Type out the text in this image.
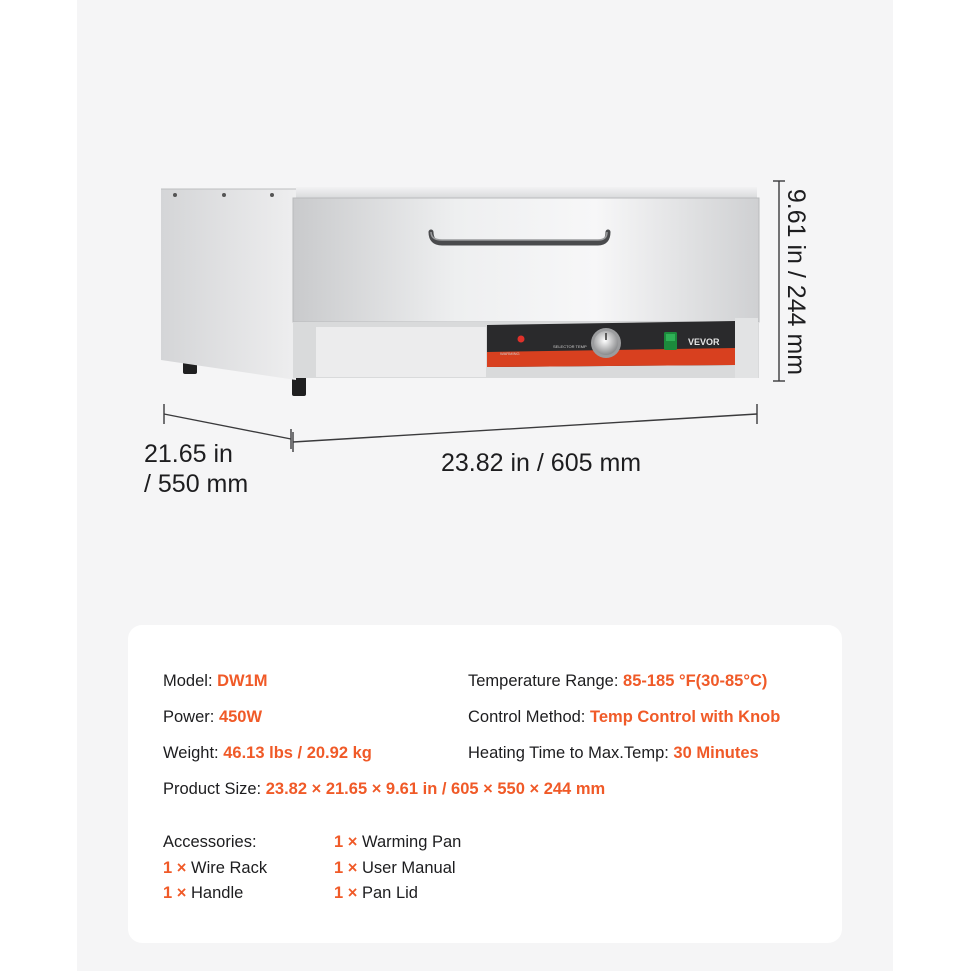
WARMING
SELECTOR TEMP	VEVOR 9.61 in / 244 mm
21.65 in
/ 550 mm
23.82 in / 605 mm
Model: DW1M
Power: 450W
Weight: 46.13 lbs / 20.92 kg
Temperature Range: 85-185 °F(30-85°C)
Control Method: Temp Control with Knob
Heating Time to Max.Temp: 30 Minutes
Product Size: 23.82 × 21.65 × 9.61 in / 605 × 550 × 244 mm
Accessories:
1 × Wire Rack
1 × Handle
1 × Warming Pan
1 × User Manual
1 × Pan Lid
